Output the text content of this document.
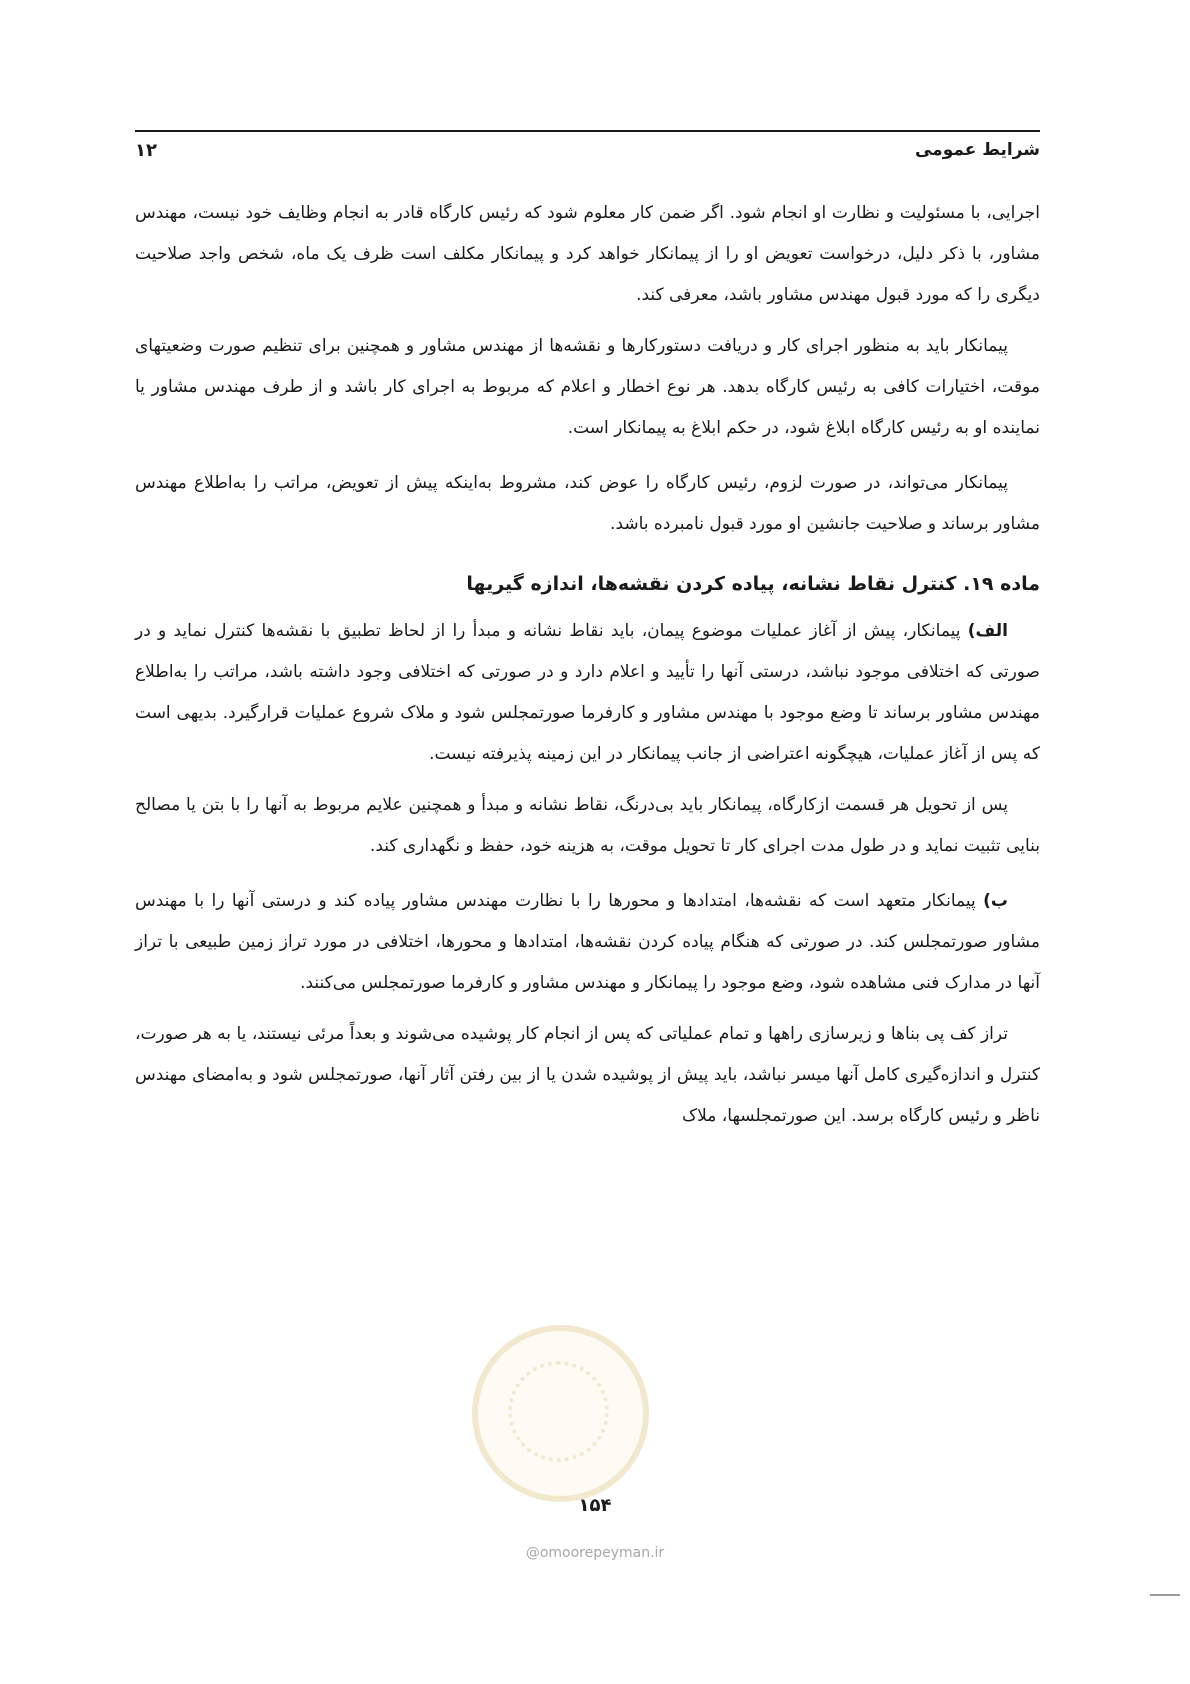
شرایط عمومی
۱۲

اجرایی، با مسئولیت و نظارت او انجام شود. اگر ضمن کار معلوم شود که رئیس کارگاه قادر به انجام وظایف خود نیست، مهندس مشاور، با ذکر دلیل، درخواست تعویض او را از پیمانکار خواهد کرد و پیمانکار مکلف است ظرف یک ماه، شخص واجد صلاحیت دیگری را که مورد قبول مهندس مشاور باشد، معرفی کند.

پیمانکار باید به منظور اجرای کار و دریافت دستورکارها و نقشه‌ها از مهندس مشاور و همچنین برای تنظیم صورت وضعیتهای موقت، اختیارات کافی به رئیس کارگاه بدهد. هر نوع اخطار و اعلام که مربوط به اجرای کار باشد و از طرف مهندس مشاور یا نماینده او به رئیس کارگاه ابلاغ شود، در حکم ابلاغ به پیمانکار است.

پیمانکار می‌تواند، در صورت لزوم، رئیس کارگاه را عوض کند، مشروط به‌اینکه پیش از تعویض، مراتب را به‌اطلاع مهندس مشاور برساند و صلاحیت جانشین او مورد قبول نامبرده باشد.

ماده ۱۹. کنترل نقاط نشانه، پیاده کردن نقشه‌ها، اندازه گیریها

الف) پیمانکار، پیش از آغاز عملیات موضوع پیمان، باید نقاط نشانه و مبدأ را از لحاظ تطبیق با نقشه‌ها کنترل نماید و در صورتی که اختلافی موجود نباشد، درستی آنها را تأیید و اعلام دارد و در صورتی که اختلافی وجود داشته باشد، مراتب را به‌اطلاع مهندس مشاور برساند تا وضع موجود با مهندس مشاور و کارفرما صورتمجلس شود و ملاک شروع عملیات قرارگیرد. بدیهی است که پس از آغاز عملیات، هیچگونه اعتراضی از جانب پیمانکار در این زمینه پذیرفته نیست.

پس از تحویل هر قسمت ازکارگاه، پیمانکار باید بی‌درنگ، نقاط نشانه و مبدأ و همچنین علایم مربوط به آنها را با بتن یا مصالح بنایی تثبیت نماید و در طول مدت اجرای کار تا تحویل موقت، به هزینه خود، حفظ و نگهداری کند.

ب) پیمانکار متعهد است که نقشه‌ها، امتدادها و محورها را با نظارت مهندس مشاور پیاده کند و درستی آنها را با مهندس مشاور صورتمجلس کند. در صورتی که هنگام پیاده کردن نقشه‌ها، امتدادها و محورها، اختلافی در مورد تراز زمین طبیعی با تراز آنها در مدارک فنی مشاهده شود، وضع موجود را پیمانکار و مهندس مشاور و کارفرما صورتمجلس می‌کنند.

تراز کف پی بناها و زیرسازی راهها و تمام عملیاتی که پس از انجام کار پوشیده می‌شوند و بعداً مرئی نیستند، یا به هر صورت، کنترل و اندازه‌گیری کامل آنها میسر نباشد، باید پیش از پوشیده شدن یا از بین رفتن آثار آنها، صورتمجلس شود و به‌امضای مهندس ناظر و رئیس کارگاه برسد. این صورتمجلسها، ملاک

۱۵۴
@omoorepeyman.ir
